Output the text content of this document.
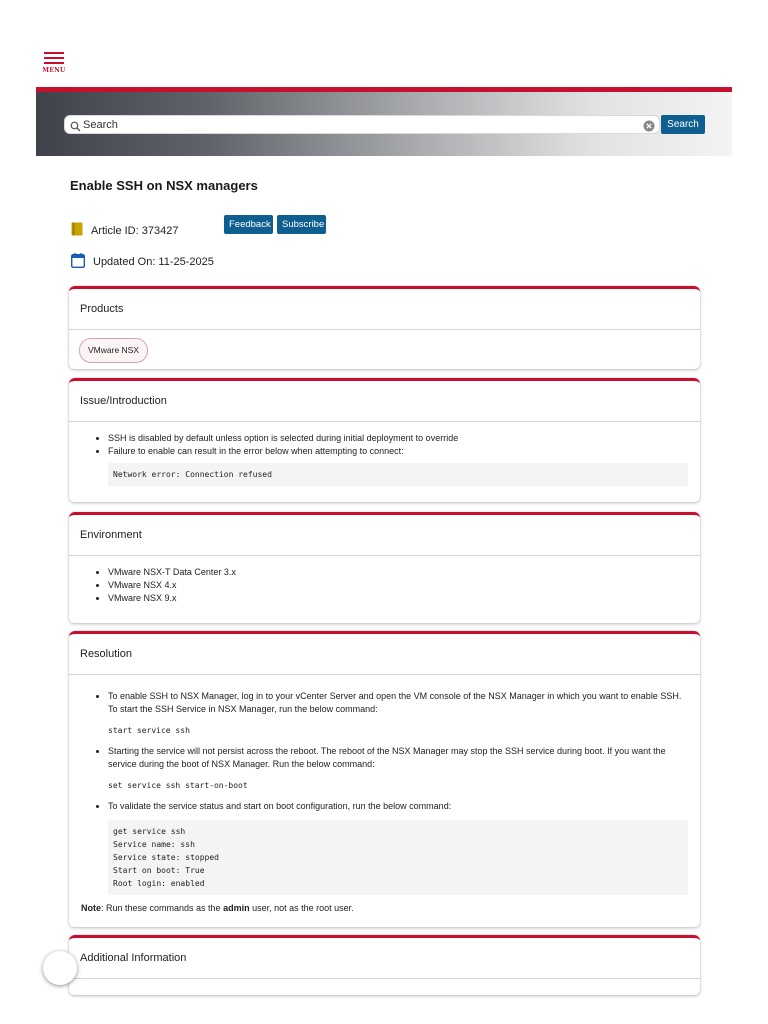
MENU
Search
Search
Enable SSH on NSX managers
Article ID: 373427	Feedback	Subscribe
Updated On: 11-25-2025
Products
VMware NSX
Issue/Introduction
• SSH is disabled by default unless option is selected during initial deployment to override
• Failure to enable can result in the error below when attempting to connect:
Network error: Connection refused
Environment
• VMware NSX-T Data Center 3.x
• VMware NSX 4.x
• VMware NSX 9.x
Resolution
• To enable SSH to NSX Manager, log in to your vCenter Server and open the VM console of the NSX Manager in which you want to enable SSH. To start the SSH Service in NSX Manager, run the below command:
start service ssh
• Starting the service will not persist across the reboot. The reboot of the NSX Manager may stop the SSH service during boot. If you want the service during the boot of NSX Manager. Run the below command:
set service ssh start-on-boot
• To validate the service status and start on boot configuration, run the below command:
get service ssh
Service name: ssh
Service state: stopped
Start on boot: True
Root login: enabled
Note: Run these commands as the admin user, not as the root user.
Additional Information
